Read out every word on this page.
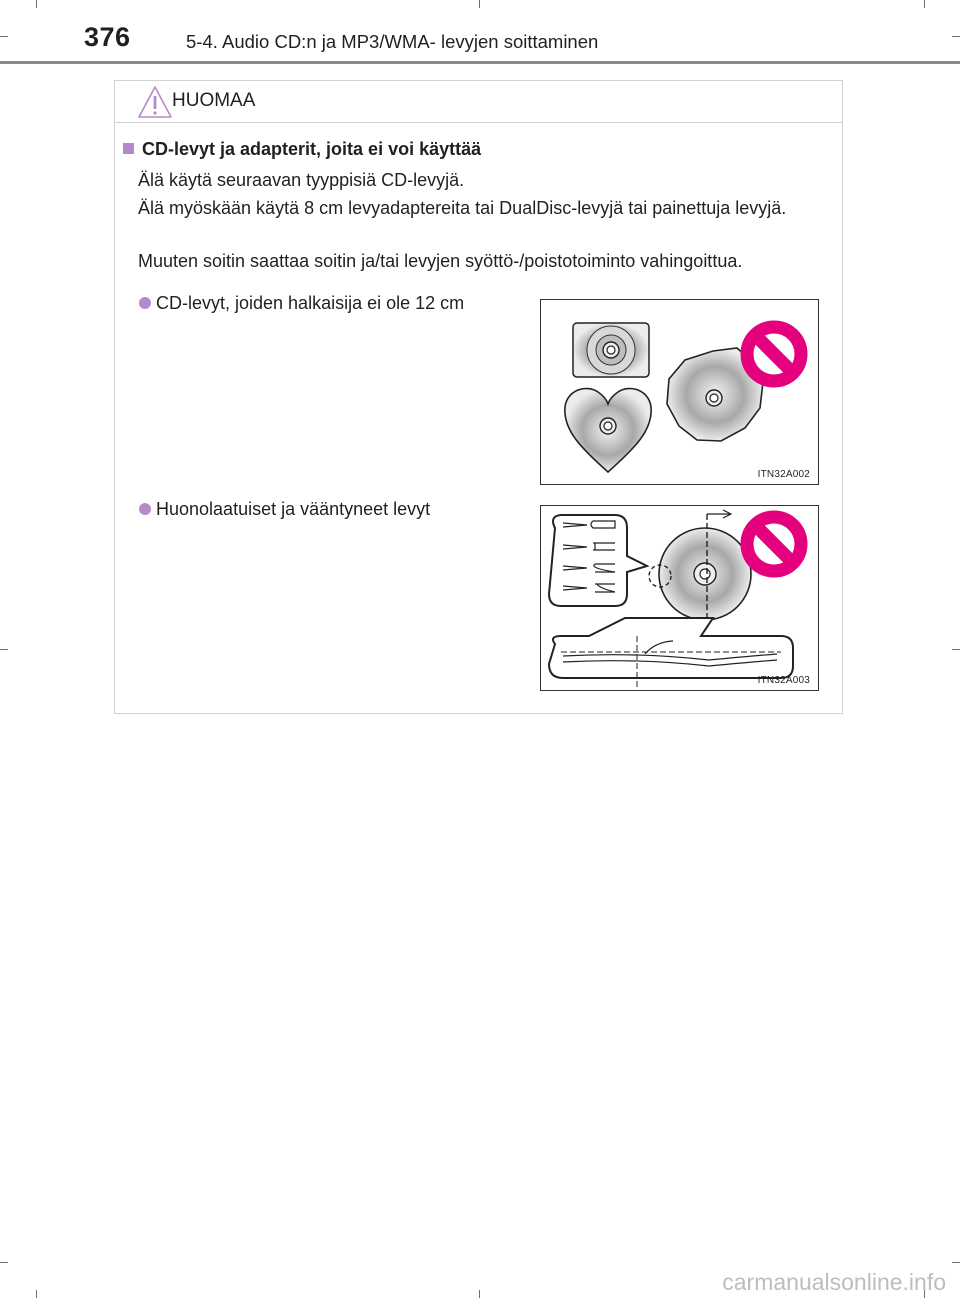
376	5-4. Audio CD:n ja MP3/WMA- levyjen soittaminen
HUOMAA
CD-levyt ja adapterit, joita ei voi käyttää
Älä käytä seuraavan tyyppisiä CD-levyjä.
Älä myöskään käytä 8 cm levyadaptereita tai DualDisc-levyjä tai painettuja levyjä.
Muuten soitin saattaa soitin ja/tai levyjen syöttö-/poistotoiminto vahingoittua.
CD-levyt, joiden halkaisija ei ole 12 cm
Huonolaatuiset ja vääntyneet levyt
ITN32A002
ITN32A003
carmanualsonline.info
